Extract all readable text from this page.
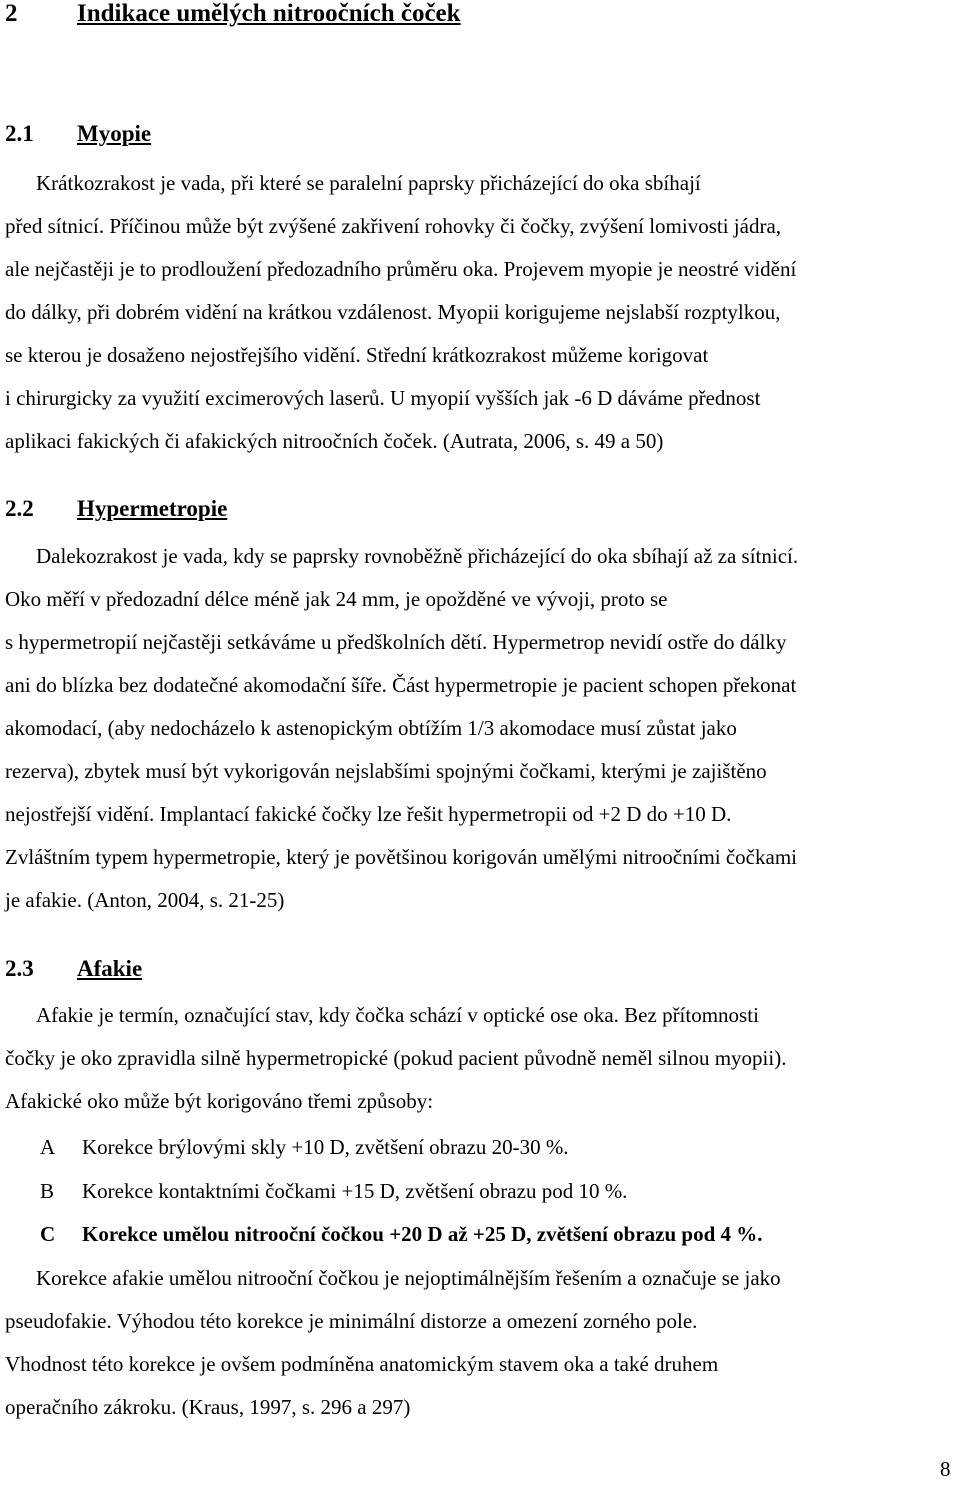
2 Indikace umělých nitroočních čoček
2.1 Myopie
Krátkozrakost je vada, při které se paralelní paprsky přicházející do oka sbíhají
před sítnicí. Příčinou může být zvýšené zakřivení rohovky či čočky, zvýšení lomivosti jádra,
ale nejčastěji je to prodloužení předozadního průměru oka. Projevem myopie je neostré vidění
do dálky, při dobrém vidění na krátkou vzdálenost. Myopii korigujeme nejslabší rozptylkou,
se kterou je dosaženo nejostřejšího vidění. Střední krátkozrakost můžeme korigovat
i chirurgicky za využití excimerových laserů. U myopií vyšších jak -6 D dáváme přednost
aplikaci fakických či afakických nitroočních čoček. (Autrata, 2006, s. 49 a 50)
2.2 Hypermetropie
Dalekozrakost je vada, kdy se paprsky rovnoběžně přicházející do oka sbíhají až za sítnicí.
Oko měří v předozadní délce méně jak 24 mm, je opožděné ve vývoji, proto se
s hypermetropií nejčastěji setkáváme u předškolních dětí. Hypermetrop nevidí ostře do dálky
ani do blízka bez dodatečné akomodační šíře. Část hypermetropie je pacient schopen překonat
akomodací, (aby nedocházelo k astenopickým obtížím 1/3 akomodace musí zůstat jako
rezerva), zbytek musí být vykorigován nejslabšími spojnými čočkami, kterými je zajištěno
nejostřejší vidění. Implantací fakické čočky lze řešit hypermetropii od +2 D do +10 D.
Zvláštním typem hypermetropie, který je povětšinou korigován umělými nitroočními čočkami
je afakie. (Anton, 2004, s. 21-25)
2.3 Afakie
Afakie je termín, označující stav, kdy čočka schází v optické ose oka. Bez přítomnosti
čočky je oko zpravidla silně hypermetropické (pokud pacient původně neměl silnou myopii).
Afakické oko může být korigováno třemi způsoby:
A Korekce brýlovými skly +10 D, zvětšení obrazu 20-30 %.
B Korekce kontaktními čočkami +15 D, zvětšení obrazu pod 10 %.
C Korekce umělou nitrooční čočkou +20 D až +25 D, zvětšení obrazu pod 4 %.
Korekce afakie umělou nitrooční čočkou je nejoptimálnějším řešením a označuje se jako
pseudofakie. Výhodou této korekce je minimální distorze a omezení zorného pole.
Vhodnost této korekce je ovšem podmíněna anatomickým stavem oka a také druhem
operačního zákroku. (Kraus, 1997, s. 296 a 297)
8
